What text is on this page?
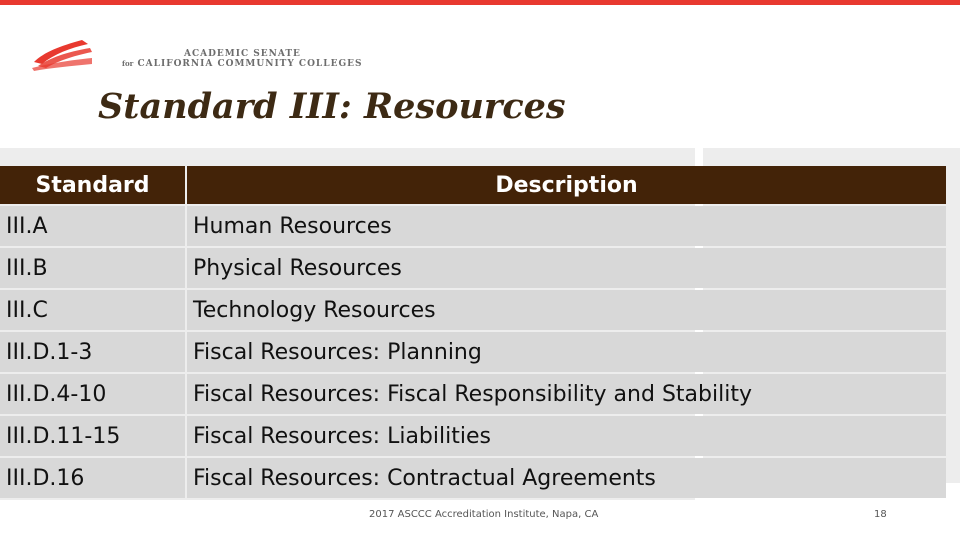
ACADEMIC SENATE
for CALIFORNIA COMMUNITY COLLEGES
Standard III: Resources
Standard	Description
III.A	Human Resources
III.B	Physical Resources
III.C	Technology Resources
III.D.1-3	Fiscal Resources: Planning
III.D.4-10	Fiscal Resources: Fiscal Responsibility and Stability
III.D.11-15	Fiscal Resources: Liabilities
III.D.16	Fiscal Resources: Contractual Agreements
2017 ASCCC Accreditation Institute, Napa, CA	18
